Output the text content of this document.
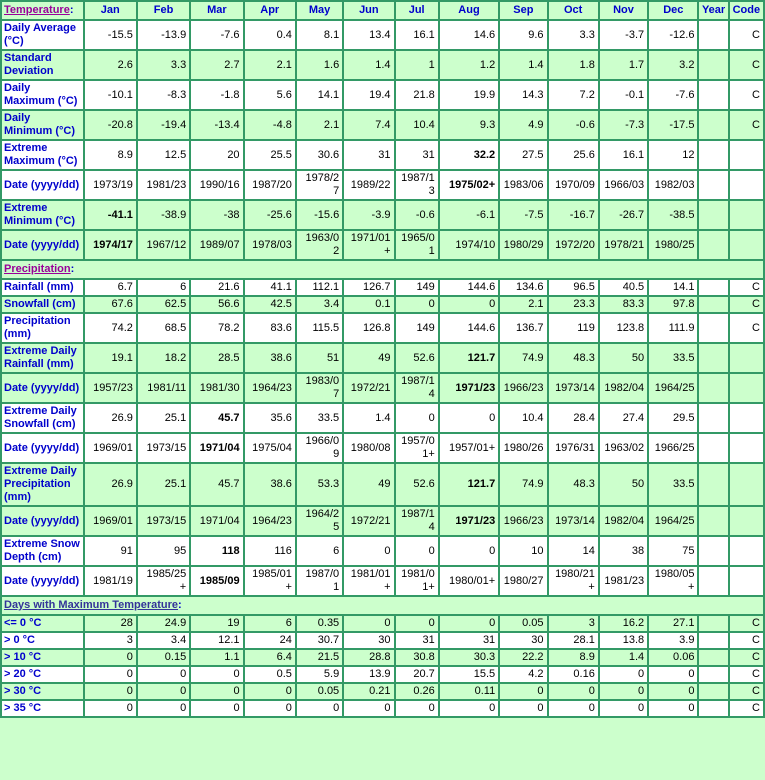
Temperature:	Jan	Feb	Mar	Apr	May	Jun	Jul	Aug	Sep	Oct	Nov	Dec	Year	Code
Daily Average (°C)	-15.5	-13.9	-7.6	0.4	8.1	13.4	16.1	14.6	9.6	3.3	-3.7	-12.6		C
Standard Deviation	2.6	3.3	2.7	2.1	1.6	1.4	1	1.2	1.4	1.8	1.7	3.2		C
Daily Maximum (°C)	-10.1	-8.3	-1.8	5.6	14.1	19.4	21.8	19.9	14.3	7.2	-0.1	-7.6		C
Daily Minimum (°C)	-20.8	-19.4	-13.4	-4.8	2.1	7.4	10.4	9.3	4.9	-0.6	-7.3	-17.5		C
Extreme Maximum (°C)	8.9	12.5	20	25.5	30.6	31	31	32.2	27.5	25.6	16.1	12		
Date (yyyy/dd)	1973/19	1981/23	1990/16	1987/20	1978/27	1989/22	1987/13	1975/02+	1983/06	1970/09	1966/03	1982/03		
Extreme Minimum (°C)	-41.1	-38.9	-38	-25.6	-15.6	-3.9	-0.6	-6.1	-7.5	-16.7	-26.7	-38.5		
Date (yyyy/dd)	1974/17	1967/12	1989/07	1978/03	1963/02	1971/01+	1965/01	1974/10	1980/29	1972/20	1978/21	1980/25		
Precipitation:														
Rainfall (mm)	6.7	6	21.6	41.1	112.1	126.7	149	144.6	134.6	96.5	40.5	14.1		C
Snowfall (cm)	67.6	62.5	56.6	42.5	3.4	0.1	0	0	2.1	23.3	83.3	97.8		C
Precipitation (mm)	74.2	68.5	78.2	83.6	115.5	126.8	149	144.6	136.7	119	123.8	111.9		C
Extreme Daily Rainfall (mm)	19.1	18.2	28.5	38.6	51	49	52.6	121.7	74.9	48.3	50	33.5		
Date (yyyy/dd)	1957/23	1981/11	1981/30	1964/23	1983/07	1972/21	1987/14	1971/23	1966/23	1973/14	1982/04	1964/25		
Extreme Daily Snowfall (cm)	26.9	25.1	45.7	35.6	33.5	1.4	0	0	10.4	28.4	27.4	29.5		
Date (yyyy/dd)	1969/01	1973/15	1971/04	1975/04	1966/09	1980/08	1957/01+	1957/01+	1980/26	1976/31	1963/02	1966/25		
Extreme Daily Precipitation (mm)	26.9	25.1	45.7	38.6	53.3	49	52.6	121.7	74.9	48.3	50	33.5		
Date (yyyy/dd)	1969/01	1973/15	1971/04	1964/23	1964/25	1972/21	1987/14	1971/23	1966/23	1973/14	1982/04	1964/25		
Extreme Snow Depth (cm)	91	95	118	116	6	0	0	0	10	14	38	75		
Date (yyyy/dd)	1981/19	1985/25+	1985/09	1985/01+	1987/01	1981/01+	1981/01+	1980/01+	1980/27	1980/21+	1981/23	1980/05+		
Days with Maximum Temperature:														
<= 0 °C	28	24.9	19	6	0.35	0	0	0	0.05	3	16.2	27.1		C
> 0 °C	3	3.4	12.1	24	30.7	30	31	31	30	28.1	13.8	3.9		C
> 10 °C	0	0.15	1.1	6.4	21.5	28.8	30.8	30.3	22.2	8.9	1.4	0.06		C
> 20 °C	0	0	0	0.5	5.9	13.9	20.7	15.5	4.2	0.16	0	0		C
> 30 °C	0	0	0	0	0.05	0.21	0.26	0.11	0	0	0	0		C
> 35 °C	0	0	0	0	0	0	0	0	0	0	0	0		C
